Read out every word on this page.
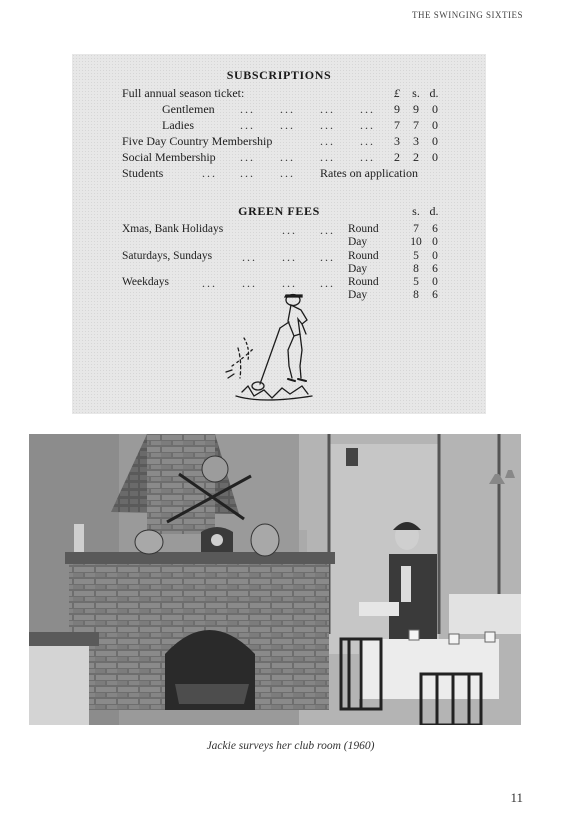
THE SWINGING SIXTIES
SUBSCRIPTIONS
Full annual season ticket:	£	s. d.
Gentlemen ... ... ... ...	9	9	0
Ladies	... ... ... ...	7	7	0
Five Day Country Membership	... ...	3	3	0
Social Membership ... ... ... ...	2	2	0
Students	... ... ... Rates on application
GREEN FEES	s. d.
Xmas, Bank Holidays	... ... Round	7	6
Day	10 0
Saturdays, Sundays ... ... ... Round	5	0
Day	8	6
Weekdays	... ... ... ... Round	5	0
Day	8	6
Jackie surveys her club room (1960)
11
